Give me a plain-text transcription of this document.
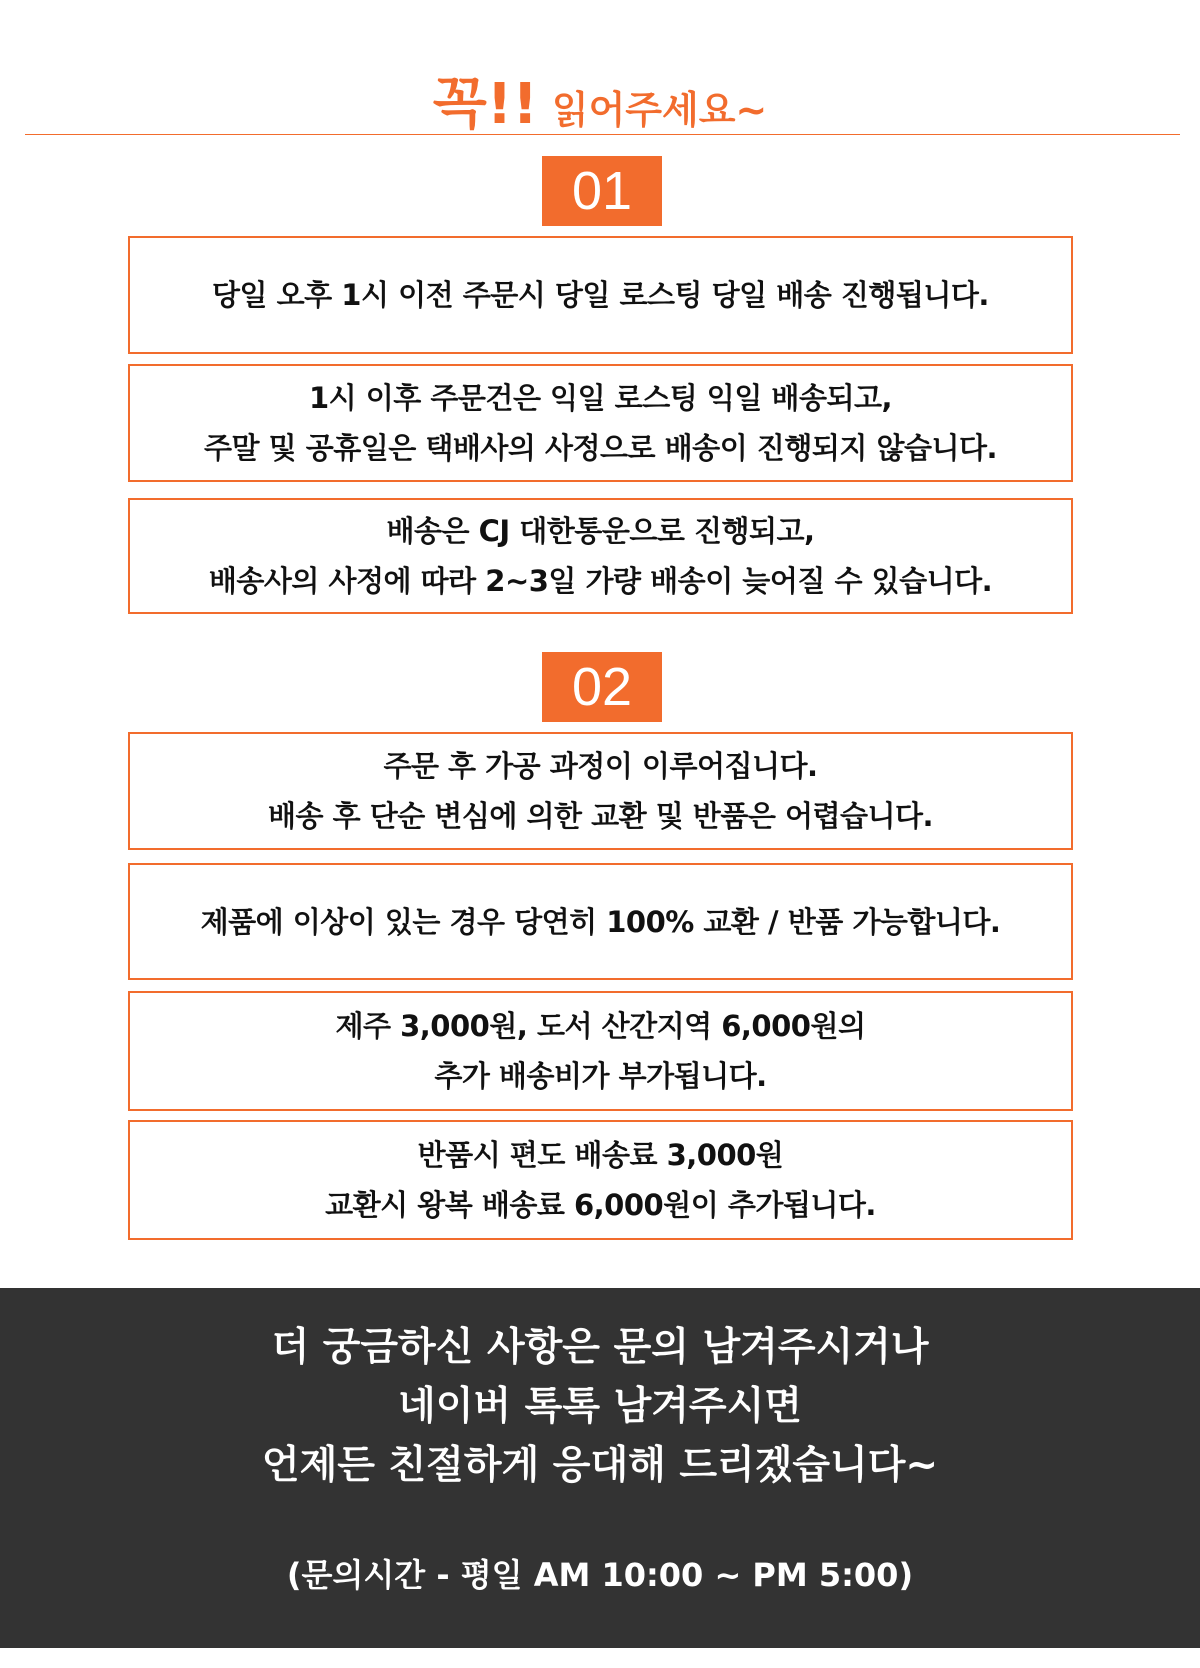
꼭!! 읽어주세요~
01
당일 오후 1시 이전 주문시 당일 로스팅 당일 배송 진행됩니다.
1시 이후 주문건은 익일 로스팅 익일 배송되고,
주말 및 공휴일은 택배사의 사정으로 배송이 진행되지 않습니다.
배송은 CJ 대한통운으로 진행되고,
배송사의 사정에 따라 2~3일 가량 배송이 늦어질 수 있습니다.
02
주문 후 가공 과정이 이루어집니다.
배송 후 단순 변심에 의한 교환 및 반품은 어렵습니다.
제품에 이상이 있는 경우 당연히 100% 교환 / 반품 가능합니다.
제주 3,000원, 도서 산간지역 6,000원의
추가 배송비가 부가됩니다.
반품시 편도 배송료 3,000원
교환시 왕복 배송료 6,000원이 추가됩니다.
더 궁금하신 사항은 문의 남겨주시거나
네이버 톡톡 남겨주시면
언제든 친절하게 응대해 드리겠습니다~
(문의시간 - 평일 AM 10:00 ~ PM 5:00)
